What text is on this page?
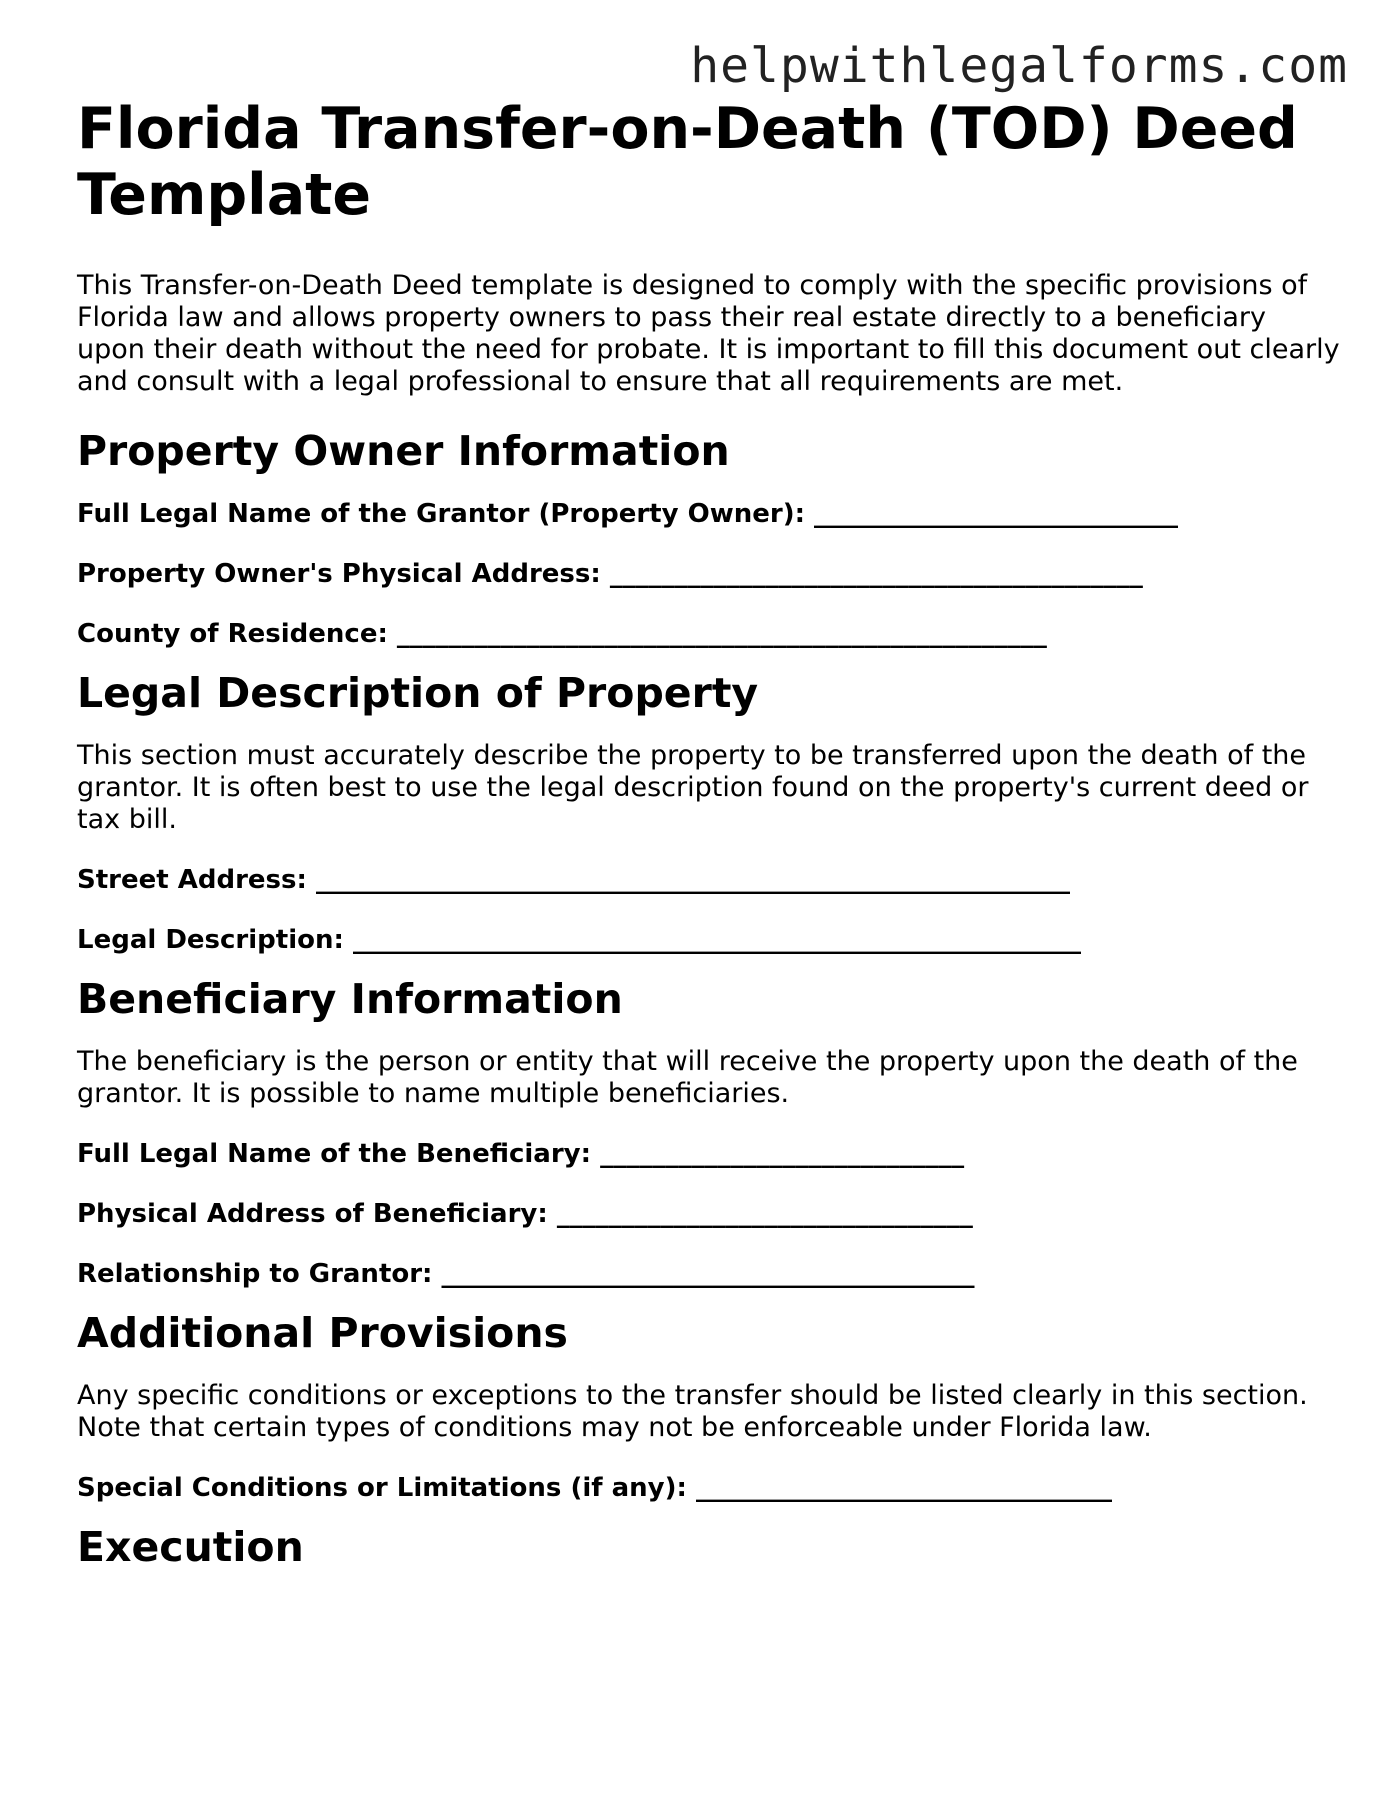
helpwithlegalforms.com
Florida Transfer-on-Death (TOD) Deed Template

This Transfer-on-Death Deed template is designed to comply with the specific provisions of Florida law and allows property owners to pass their real estate directly to a beneficiary upon their death without the need for probate. It is important to fill this document out clearly and consult with a legal professional to ensure that all requirements are met.

Property Owner Information

Full Legal Name of the Grantor (Property Owner): ____________________________

Property Owner's Physical Address: _________________________________________

County of Residence: __________________________________________________

Legal Description of Property

This section must accurately describe the property to be transferred upon the death of the grantor. It is often best to use the legal description found on the property's current deed or tax bill.

Street Address: __________________________________________________________

Legal Description: ________________________________________________________

Beneficiary Information

The beneficiary is the person or entity that will receive the property upon the death of the grantor. It is possible to name multiple beneficiaries.

Full Legal Name of the Beneficiary: ____________________________

Physical Address of Beneficiary: ________________________________

Relationship to Grantor: _________________________________________

Additional Provisions

Any specific conditions or exceptions to the transfer should be listed clearly in this section. Note that certain types of conditions may not be enforceable under Florida law.

Special Conditions or Limitations (if any): ________________________________

Execution
